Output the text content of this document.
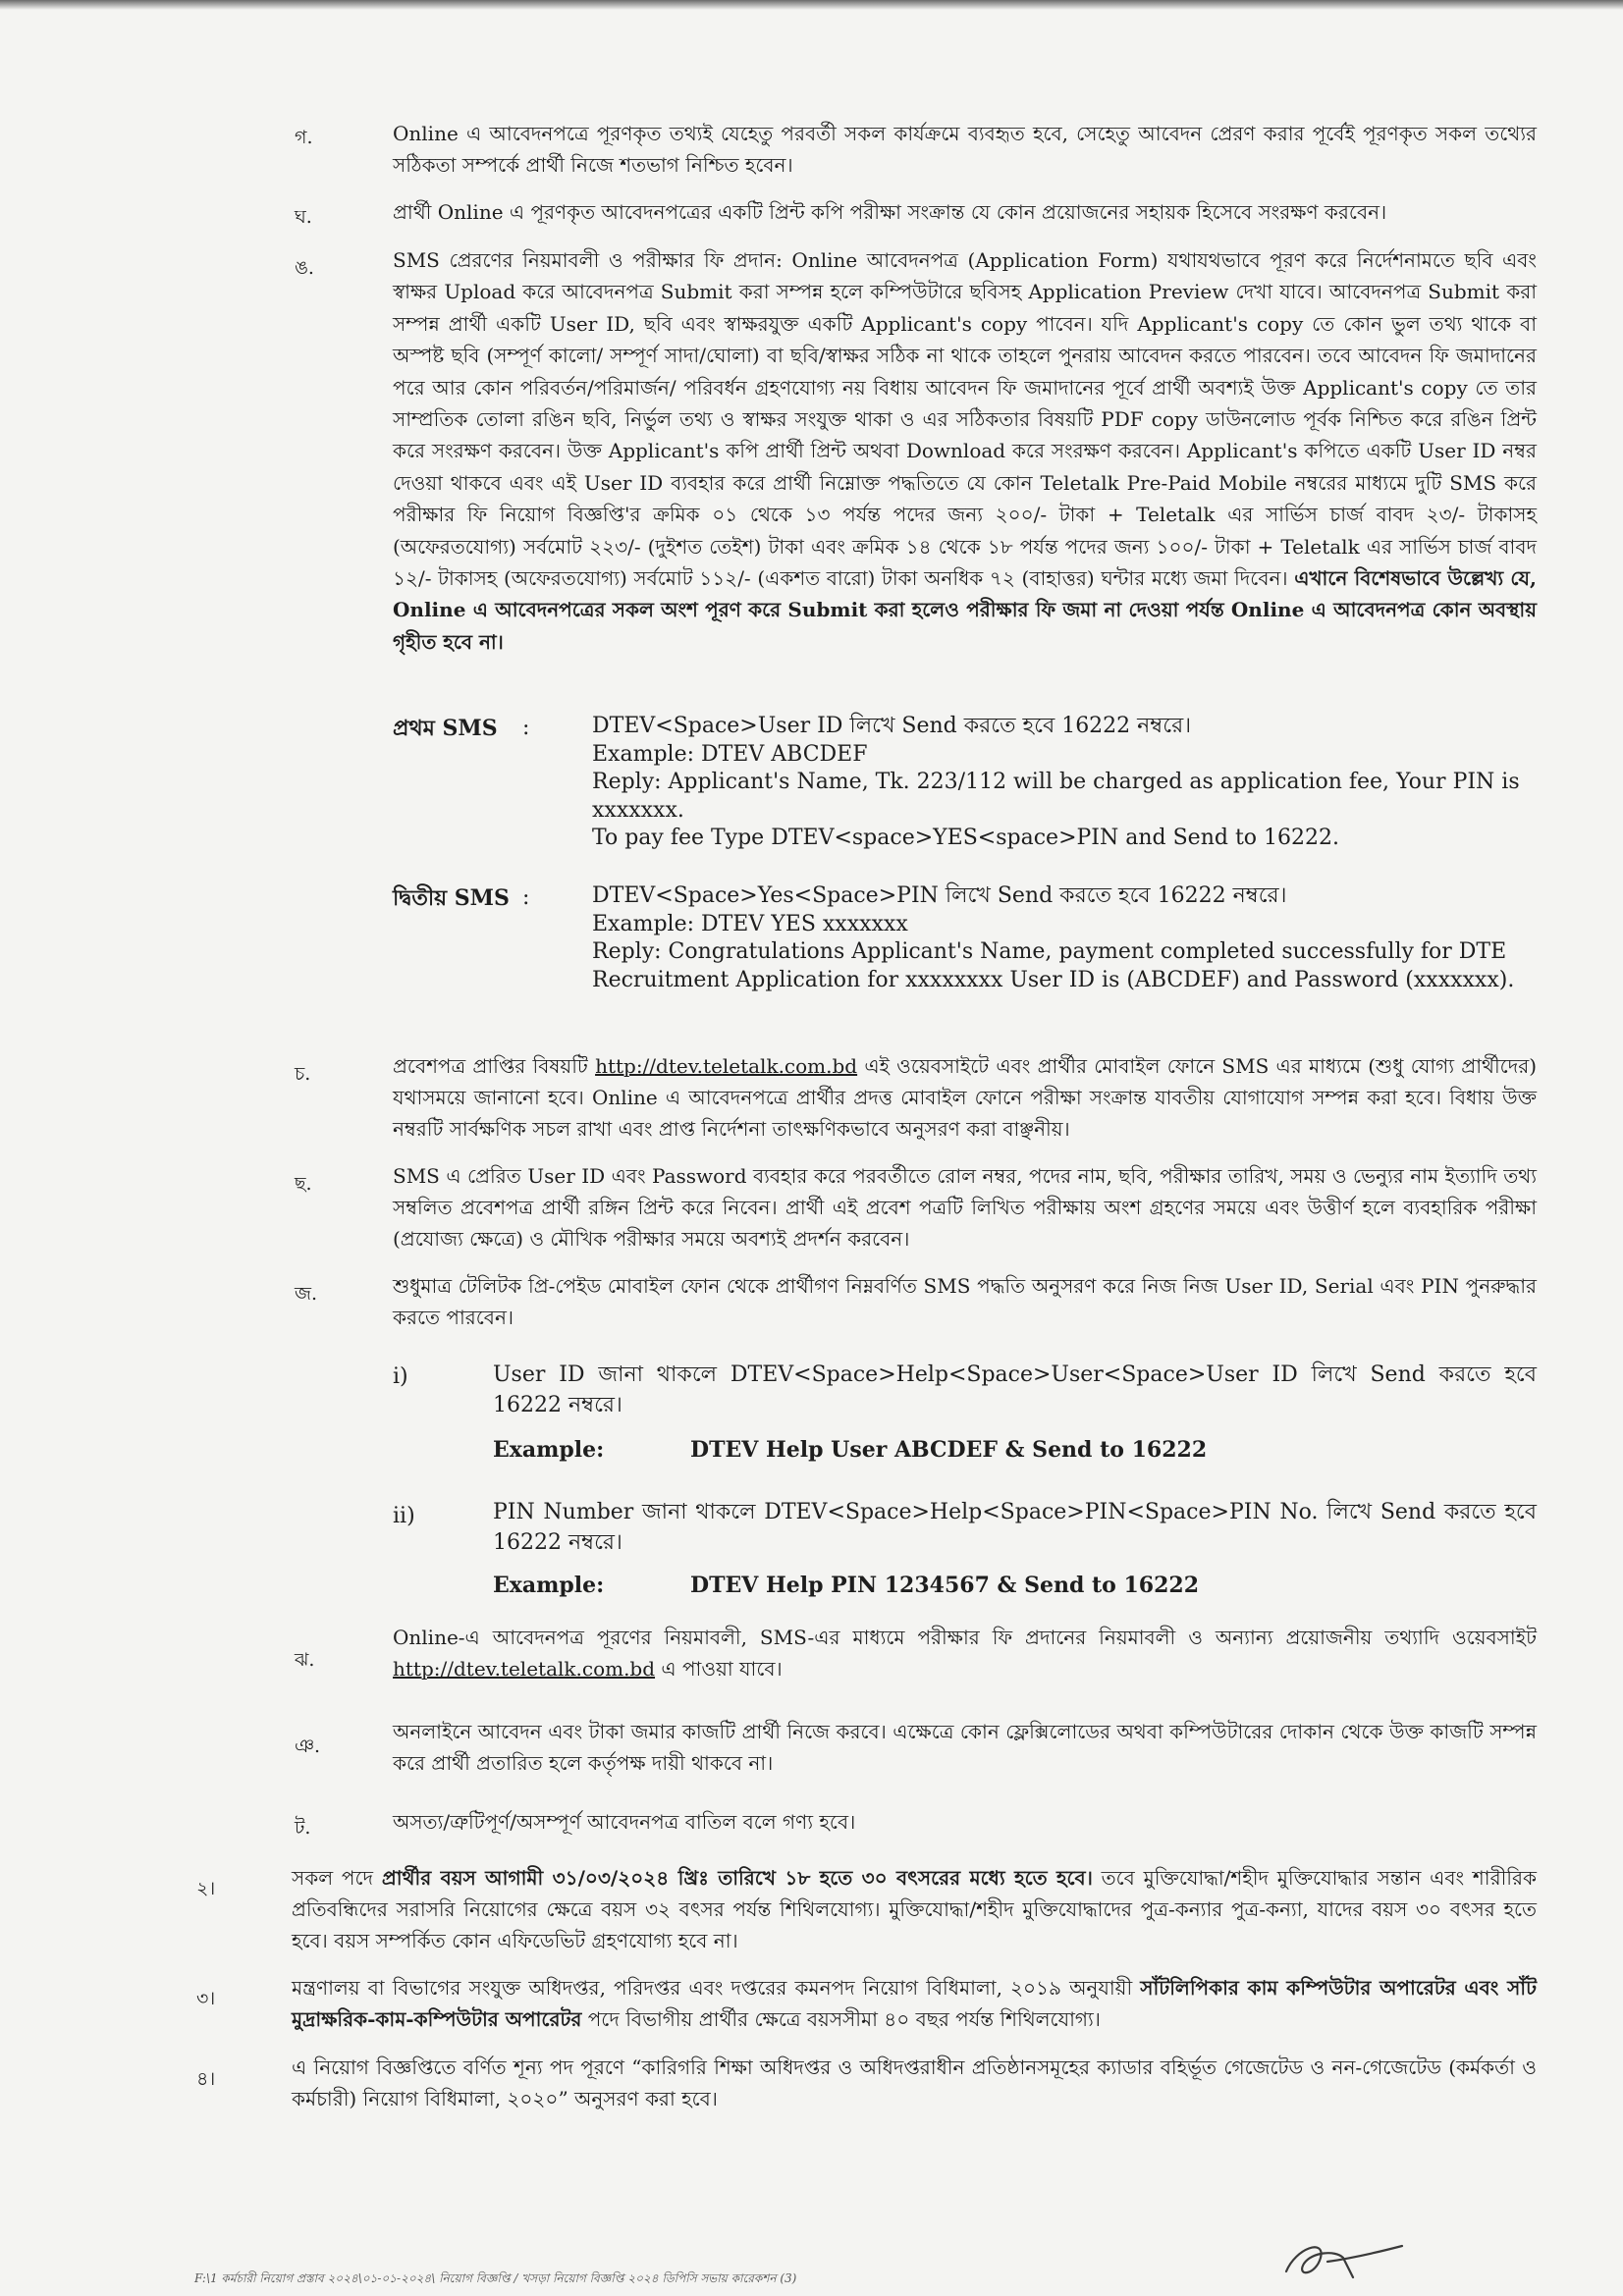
গ.	Online এ আবেদনপত্রে পূরণকৃত তথ্যই যেহেতু পরবর্তী সকল কার্যক্রমে ব্যবহৃত হবে, সেহেতু আবেদন প্রেরণ করার পূর্বেই পূরণকৃত সকল তথ্যের সঠিকতা সম্পর্কে প্রার্থী নিজে শতভাগ নিশ্চিত হবেন।
ঘ.	প্রার্থী Online এ পূরণকৃত আবেদনপত্রের একটি প্রিন্ট কপি পরীক্ষা সংক্রান্ত যে কোন প্রয়োজনের সহায়ক হিসেবে সংরক্ষণ করবেন।
ঙ.	SMS প্রেরণের নিয়মাবলী ও পরীক্ষার ফি প্রদান: Online আবেদনপত্র (Application Form) যথাযথভাবে পূরণ করে নির্দেশনামতে ছবি এবং স্বাক্ষর Upload করে আবেদনপত্র Submit করা সম্পন্ন হলে কম্পিউটারে ছবিসহ Application Preview দেখা যাবে। আবেদনপত্র Submit করা সম্পন্ন প্রার্থী একটি User ID, ছবি এবং স্বাক্ষরযুক্ত একটি Applicant's copy পাবেন। যদি Applicant's copy তে কোন ভুল তথ্য থাকে বা অস্পষ্ট ছবি (সম্পূর্ণ কালো/ সম্পূর্ণ সাদা/ঘোলা) বা ছবি/স্বাক্ষর সঠিক না থাকে তাহলে পুনরায় আবেদন করতে পারবেন। তবে আবেদন ফি জমাদানের পরে আর কোন পরিবর্তন/পরিমার্জন/ পরিবর্ধন গ্রহণযোগ্য নয় বিধায় আবেদন ফি জমাদানের পূর্বে প্রার্থী অবশ্যই উক্ত Applicant's copy তে তার সাম্প্রতিক তোলা রঙিন ছবি, নির্ভুল তথ্য ও স্বাক্ষর সংযুক্ত থাকা ও এর সঠিকতার বিষয়টি PDF copy ডাউনলোড পূর্বক নিশ্চিত করে রঙিন প্রিন্ট করে সংরক্ষণ করবেন। উক্ত Applicant's কপি প্রার্থী প্রিন্ট অথবা Download করে সংরক্ষণ করবেন। Applicant's কপিতে একটি User ID নম্বর দেওয়া থাকবে এবং এই User ID ব্যবহার করে প্রার্থী নিম্নোক্ত পদ্ধতিতে যে কোন Teletalk Pre-Paid Mobile নম্বরের মাধ্যমে দুটি SMS করে পরীক্ষার ফি নিয়োগ বিজ্ঞপ্তি'র ক্রমিক ০১ থেকে ১৩ পর্যন্ত পদের জন্য ২০০/- টাকা + Teletalk এর সার্ভিস চার্জ বাবদ ২৩/- টাকাসহ (অফেরতযোগ্য) সর্বমোট ২২৩/- (দুইশত তেইশ) টাকা এবং ক্রমিক ১৪ থেকে ১৮ পর্যন্ত পদের জন্য ১০০/- টাকা + Teletalk এর সার্ভিস চার্জ বাবদ ১২/- টাকাসহ (অফেরতযোগ্য) সর্বমোট ১১২/- (একশত বারো) টাকা অনধিক ৭২ (বাহাত্তর) ঘন্টার মধ্যে জমা দিবেন। এখানে বিশেষভাবে উল্লেখ্য যে, Online এ আবেদনপত্রের সকল অংশ পূরণ করে Submit করা হলেও পরীক্ষার ফি জমা না দেওয়া পর্যন্ত Online এ আবেদনপত্র কোন অবস্থায় গৃহীত হবে না।
প্রথম SMS :	DTEV<Space>User ID লিখে Send করতে হবে 16222 নম্বরে।
Example: DTEV ABCDEF
Reply: Applicant's Name, Tk. 223/112 will be charged as application fee, Your PIN is xxxxxxx.
To pay fee Type DTEV<space>YES<space>PIN and Send to 16222.
দ্বিতীয় SMS :	DTEV<Space>Yes<Space>PIN লিখে Send করতে হবে 16222 নম্বরে।
Example: DTEV YES xxxxxxx
Reply: Congratulations Applicant's Name, payment completed successfully for DTE Recruitment Application for xxxxxxxx User ID is (ABCDEF) and Password (xxxxxxx).
চ.	প্রবেশপত্র প্রাপ্তির বিষয়টি http://dtev.teletalk.com.bd এই ওয়েবসাইটে এবং প্রার্থীর মোবাইল ফোনে SMS এর মাধ্যমে (শুধু যোগ্য প্রার্থীদের) যথাসময়ে জানানো হবে। Online এ আবেদনপত্রে প্রার্থীর প্রদত্ত মোবাইল ফোনে পরীক্ষা সংক্রান্ত যাবতীয় যোগাযোগ সম্পন্ন করা হবে। বিধায় উক্ত নম্বরটি সার্বক্ষণিক সচল রাখা এবং প্রাপ্ত নির্দেশনা তাৎক্ষণিকভাবে অনুসরণ করা বাঞ্ছনীয়।
ছ.	SMS এ প্রেরিত User ID এবং Password ব্যবহার করে পরবর্তীতে রোল নম্বর, পদের নাম, ছবি, পরীক্ষার তারিখ, সময় ও ভেন্যুর নাম ইত্যাদি তথ্য সম্বলিত প্রবেশপত্র প্রার্থী রঙ্গিন প্রিন্ট করে নিবেন। প্রার্থী এই প্রবেশ পত্রটি লিখিত পরীক্ষায় অংশ গ্রহণের সময়ে এবং উত্তীর্ণ হলে ব্যবহারিক পরীক্ষা (প্রযোজ্য ক্ষেত্রে) ও মৌখিক পরীক্ষার সময়ে অবশ্যই প্রদর্শন করবেন।
জ.	শুধুমাত্র টেলিটক প্রি-পেইড মোবাইল ফোন থেকে প্রার্থীগণ নিম্নবর্ণিত SMS পদ্ধতি অনুসরণ করে নিজ নিজ User ID, Serial এবং PIN পুনরুদ্ধার করতে পারবেন।
i)	User ID জানা থাকলে DTEV<Space>Help<Space>User<Space>User ID লিখে Send করতে হবে 16222 নম্বরে।
Example:	DTEV Help User ABCDEF & Send to 16222
ii)	PIN Number জানা থাকলে DTEV<Space>Help<Space>PIN<Space>PIN No. লিখে Send করতে হবে 16222 নম্বরে।
Example:	DTEV Help PIN 1234567 & Send to 16222
ঝ.
Online-এ আবেদনপত্র পূরণের নিয়মাবলী, SMS-এর মাধ্যমে পরীক্ষার ফি প্রদানের নিয়মাবলী ও অন্যান্য প্রয়োজনীয় তথ্যাদি ওয়েবসাইট http://dtev.teletalk.com.bd এ পাওয়া যাবে।
ঞ.
অনলাইনে আবেদন এবং টাকা জমার কাজটি প্রার্থী নিজে করবে। এক্ষেত্রে কোন ফ্লেক্সিলোডের অথবা কম্পিউটারের দোকান থেকে উক্ত কাজটি সম্পন্ন করে প্রার্থী প্রতারিত হলে কর্তৃপক্ষ দায়ী থাকবে না।
ট.	অসত্য/ত্রুটিপূর্ণ/অসম্পূর্ণ আবেদনপত্র বাতিল বলে গণ্য হবে।
২।	সকল পদে প্রার্থীর বয়স আগামী ৩১/০৩/২০২৪ খ্রিঃ তারিখে ১৮ হতে ৩০ বৎসরের মধ্যে হতে হবে। তবে মুক্তিযোদ্ধা/শহীদ মুক্তিযোদ্ধার সন্তান এবং শারীরিক প্রতিবন্ধিদের সরাসরি নিয়োগের ক্ষেত্রে বয়স ৩২ বৎসর পর্যন্ত শিথিলযোগ্য। মুক্তিযোদ্ধা/শহীদ মুক্তিযোদ্ধাদের পুত্র-কন্যার পুত্র-কন্যা, যাদের বয়স ৩০ বৎসর হতে হবে। বয়স সম্পর্কিত কোন এফিডেভিট গ্রহণযোগ্য হবে না।
৩।	মন্ত্রণালয় বা বিভাগের সংযুক্ত অধিদপ্তর, পরিদপ্তর এবং দপ্তরের কমনপদ নিয়োগ বিধিমালা, ২০১৯ অনুযায়ী সাঁটলিপিকার কাম কম্পিউটার অপারেটর এবং সাঁট মুদ্রাক্ষরিক-কাম-কম্পিউটার অপারেটর পদে বিভাগীয় প্রার্থীর ক্ষেত্রে বয়সসীমা ৪০ বছর পর্যন্ত শিথিলযোগ্য।
৪।	এ নিয়োগ বিজ্ঞপ্তিতে বর্ণিত শূন্য পদ পূরণে “কারিগরি শিক্ষা অধিদপ্তর ও অধিদপ্তরাধীন প্রতিষ্ঠানসমূহের ক্যাডার বহির্ভূত গেজেটেড ও নন-গেজেটেড (কর্মকর্তা ও কর্মচারী) নিয়োগ বিধিমালা, ২০২০” অনুসরণ করা হবে।
F:\1 কর্মচারী নিয়োগ প্রস্তাব ২০২৪\০১-০১-২০২৪\ নিয়োগ বিজ্ঞপ্তি / খসড়া নিয়োগ বিজ্ঞপ্তি ২০২৪ ডিপিসি সভায় কারেকশন (3)
